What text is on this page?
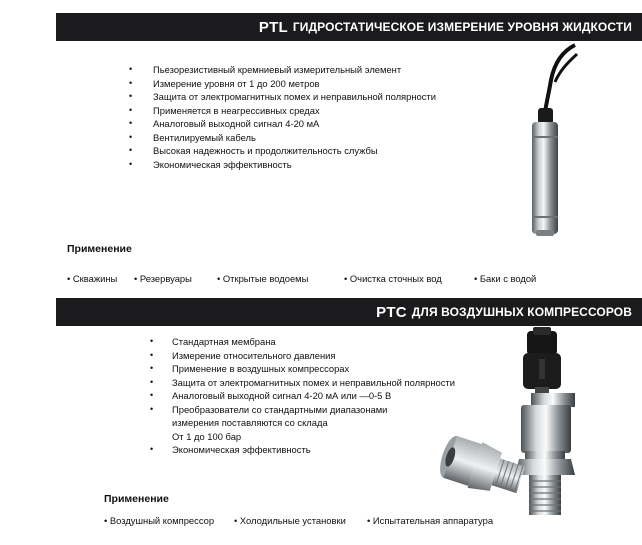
PTL ГИДРОСТАТИЧЕСКОЕ ИЗМЕРЕНИЕ УРОВНЯ ЖИДКОСТИ
• Пьезорезистивный кремниевый измерительный элемент
• Измерение уровня от 1 до 200 метров
• Защита от электромагнитных помех и неправильной полярности
• Применяется в неагрессивных средах
• Аналоговый выходной сигнал 4-20 мА
• Вентилируемый кабель
• Высокая надежность и продолжительность службы
• Экономическая эффективность
Применение
• Скважины • Резервуары	• Открытые водоемы	• Очистка сточных вод	• Баки с водой
PTC ДЛЯ ВОЗДУШНЫХ КОМПРЕССОРОВ
• Стандартная мембрана
• Измерение относительного давления
• Применение в воздушных компрессорах
• Защита от электромагнитных помех и неправильной полярности
• Аналоговый выходной сигнал 4-20 мА или —0-5 В
• Преобразователи со стандартными диапазонами
измерения поставляются со склада
От 1 до 100 бар
• Экономическая эффективность
Применение
• Воздушный компрессор • Холодильные установки • Испытательная аппаратура
